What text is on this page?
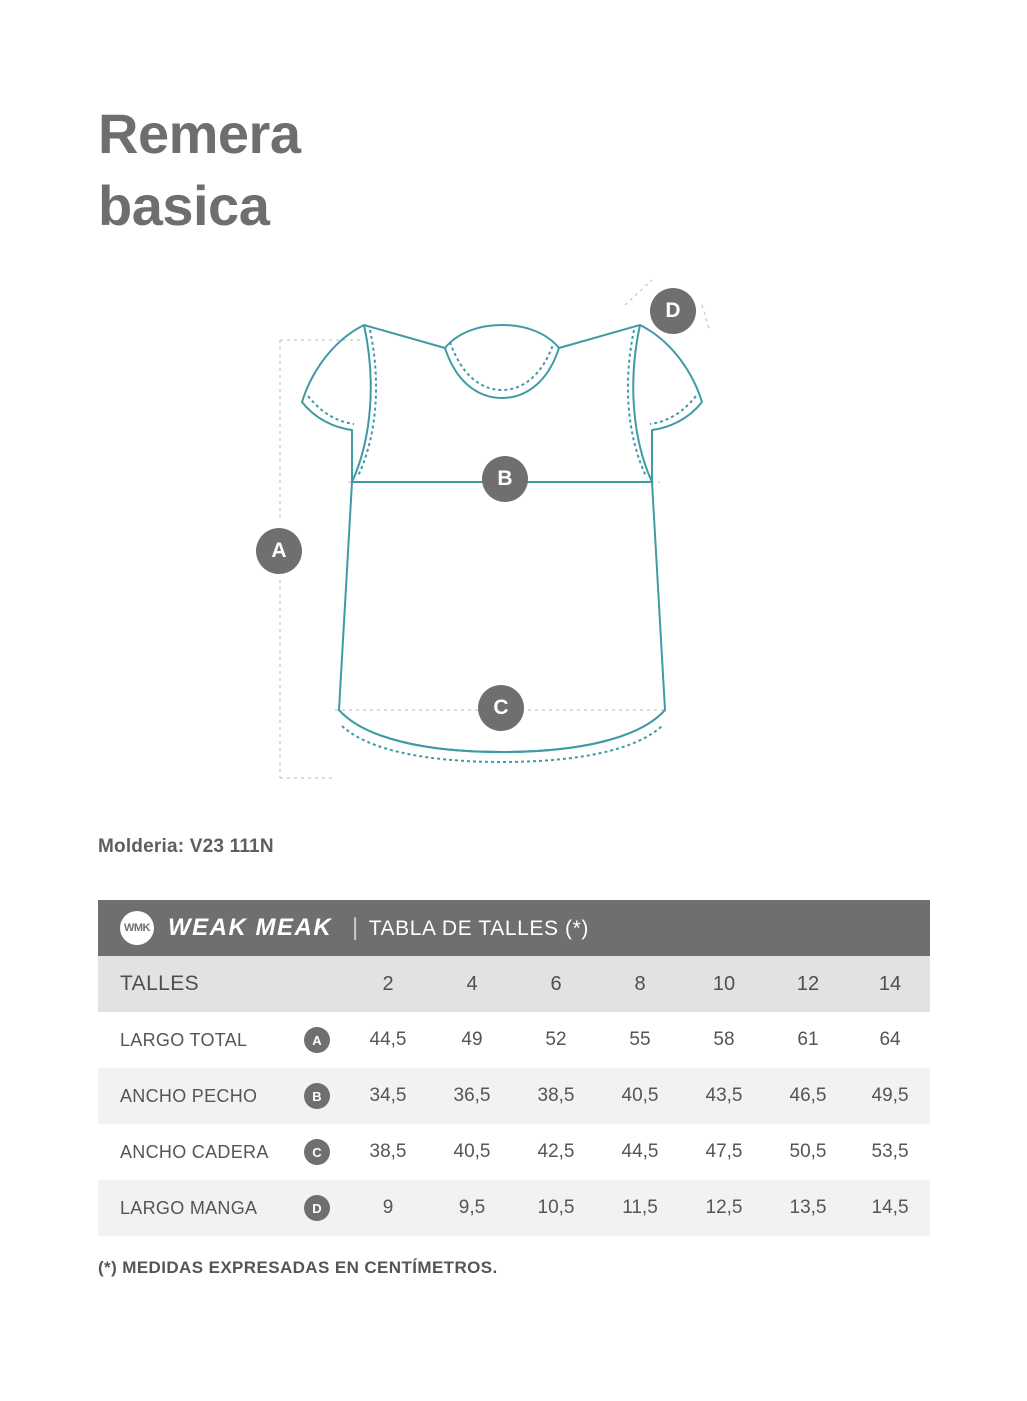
Remera
basica
A
B
C
D
Molderia: V23 111N
WMK WEAK MEAK		| TABLA DE TALLES (*)						
TALLES		2	4	6	8	10	12	14
LARGO TOTAL	A	44,5	49	52	55	58	61	64
ANCHO PECHO	B	34,5	36,5	38,5	40,5	43,5	46,5	49,5
ANCHO CADERA	C	38,5	40,5	42,5	44,5	47,5	50,5	53,5
LARGO MANGA	D	9	9,5	10,5	11,5	12,5	13,5	14,5
(*) MEDIDAS EXPRESADAS EN CENTÍMETROS.
